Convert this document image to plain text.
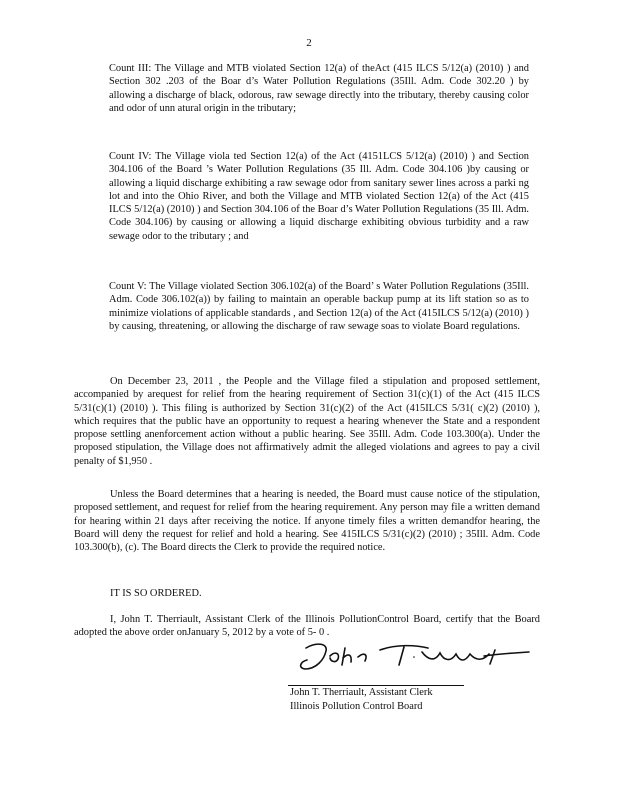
2

Count III: The Village and MTB violated Section 12(a) of theAct (415 ILCS 5/12(a) (2010) ) and Section 302 .203 of the Boar d’s Water Pollution Regulations (35Ill. Adm. Code 302.20 ) by allowing a discharge of black, odorous, raw sewage directly into the tributary, thereby causing color and odor of unn atural origin in the tributary;

Count IV: The Village viola ted Section 12(a) of the Act (4151LCS 5/12(a) (2010) ) and Section 304.106 of the Board ’s Water Pollution Regulations (35 Ill. Adm. Code 304.106 )by causing or allowing a liquid discharge exhibiting a raw sewage odor from sanitary sewer lines across a parki ng lot and into the Ohio River, and both the Village and MTB violated Section 12(a) of the Act (415 ILCS 5/12(a) (2010) ) and Section 304.106 of the Boar d’s Water Pollution Regulations (35 Ill. Adm. Code 304.106) by causing or allowing a liquid discharge exhibiting obvious turbidity and a raw sewage odor to the tributary ; and

Count V: The Village violated Section 306.102(a) of the Board’ s Water Pollution Regulations (35Ill. Adm. Code 306.102(a)) by failing to maintain an operable backup pump at its lift station so as to minimize violations of applicable standards , and Section 12(a) of the Act (415ILCS 5/12(a) (2010) ) by causing, threatening, or allowing the discharge of raw sewage soas to violate Board regulations.

On December 23, 2011 , the People and the Village filed a stipulation and proposed settlement, accompanied by arequest for relief from the hearing requirement of Section 31(c)(1) of the Act (415 ILCS 5/31(c)(1) (2010) ). This filing is authorized by Section 31(c)(2) of the Act (415ILCS 5/31( c)(2) (2010) ), which requires that the public have an opportunity to request a hearing whenever the State and a respondent propose settling anenforcement action without a public hearing. See 35Ill. Adm. Code 103.300(a). Under the proposed stipulation, the Village does not affirmatively admit the alleged violations and agrees to pay a civil penalty of $1,950 .

Unless the Board determines that a hearing is needed, the Board must cause notice of the stipulation, proposed settlement, and request for relief from the hearing requirement. Any person may file a written demand for hearing within 21 days after receiving the notice. If anyone timely files a written demandfor hearing, the Board will deny the request for relief and hold a hearing. See 415ILCS 5/31(c)(2) (2010) ; 35Ill. Adm. Code 103.300(b), (c). The Board directs the Clerk to provide the required notice.

IT IS SO ORDERED.

I, John T. Therriault, Assistant Clerk of the Illinois PollutionControl Board, certify that the Board adopted the above order onJanuary 5, 2012 by a vote of 5- 0 .

John T. Therriault, Assistant Clerk
Illinois Pollution Control Board
